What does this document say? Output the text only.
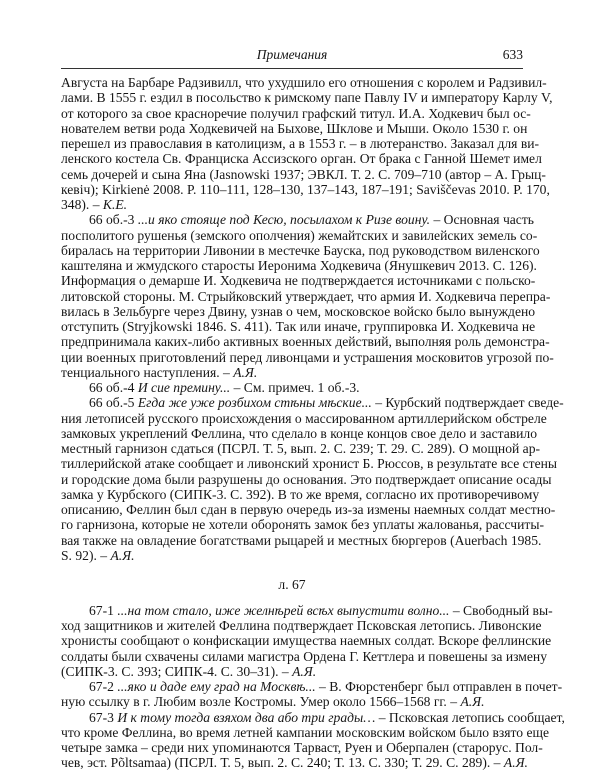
Примечания	633
Августа на Барбаре Радзивилл, что ухудшило его отношения с королем и Радзивил-
лами. В 1555 г. ездил в посольство к римскому папе Павлу IV и императору Карлу V,
от которого за свое красноречие получил графский титул. И.А. Ходкевич был ос-
нователем ветви рода Ходкевичей на Быхове, Шклове и Мыши. Около 1530 г. он
перешел из православия в католицизм, а в 1553 г. – в лютеранство. Заказал для ви-
ленского костела Св. Франциска Ассизского орган. От брака с Ганной Шемет имел
семь дочерей и сына Яна (Jasnowski 1937; ЭВКЛ. Т. 2. С. 709–710 (автор – А. Грыц-
кевіч); Kirkienė 2008. P. 110–111, 128–130, 137–143, 187–191; Saviščevas 2010. P. 170,
348). – К.Е.
66 об.-3 ...и яко стояще под Кесю, посылахом к Ризе воину. – Основная часть
посполитого рушенья (земского ополчения) жемайтских и завилейских земель со-
биралась на территории Ливонии в местечке Бауска, под руководством виленского
каштеляна и жмудского старосты Иеронима Ходкевича (Янушкевич 2013. С. 126).
Информация о демарше И. Ходкевича не подтверждается источниками с польско-
литовской стороны. М. Стрыйковский утверждает, что армия И. Ходкевича перепра-
вилась в Зельбурге через Двину, узнав о чем, московское войско было вынуждено
отступить (Stryjkowski 1846. S. 411). Так или иначе, группировка И. Ходкевича не
предпринимала каких-либо активных военных действий, выполняя роль демонстра-
ции военных приготовлений перед ливонцами и устрашения московитов угрозой по-
тенциального наступления. – А.Я.
66 об.-4 И сие премину... – См. примеч. 1 об.-3.
66 об.-5 Егда же уже розбихом стѣны мѣские... – Курбский подтверждает сведе-
ния летописей русского происхождения о массированном артиллерийском обстреле
замковых укреплений Феллина, что сделало в конце концов свое дело и заставило
местный гарнизон сдаться (ПСРЛ. Т. 5, вып. 2. С. 239; Т. 29. С. 289). О мощной ар-
тиллерийской атаке сообщает и ливонский хронист Б. Рюссов, в результате все стены
и городские дома были разрушены до основания. Это подтверждает описание осады
замка у Курбского (СИПК-3. С. 392). В то же время, согласно их противоречивому
описанию, Феллин был сдан в первую очередь из-за измены наемных солдат местно-
го гарнизона, которые не хотели оборонять замок без уплаты жалованья, рассчиты-
вая также на овладение богатствами рыцарей и местных бюргеров (Auerbach 1985.
S. 92). – А.Я.
л. 67
67-1 ...на том стало, иже желнѣрей всѣх выпустити волно... – Свободный вы-
ход защитников и жителей Феллина подтверждает Псковская летопись. Ливонские
хронисты сообщают о конфискации имущества наемных солдат. Вскоре феллинские
солдаты были схвачены силами магистра Ордена Г. Кеттлера и повешены за измену
(СИПК-3. С. 393; СИПК-4. С. 30–31). – А.Я.
67-2 ...яко и даде ему град на Москвѣ... – В. Фюрстенберг был отправлен в почет-
ную ссылку в г. Любим возле Костромы. Умер около 1566–1568 гг. – А.Я.
67-3 И к тому тогда взяхом два або три грады… – Псковская летопись сообщает,
что кроме Феллина, во время летней кампании московским войском было взято еще
четыре замка – среди них упоминаются Тарваст, Руен и Оберпален (старорус. Пол-
чев, эст. Põltsamaa) (ПСРЛ. Т. 5, вып. 2. С. 240; Т. 13. С. 330; Т. 29. С. 289). – А.Я.
